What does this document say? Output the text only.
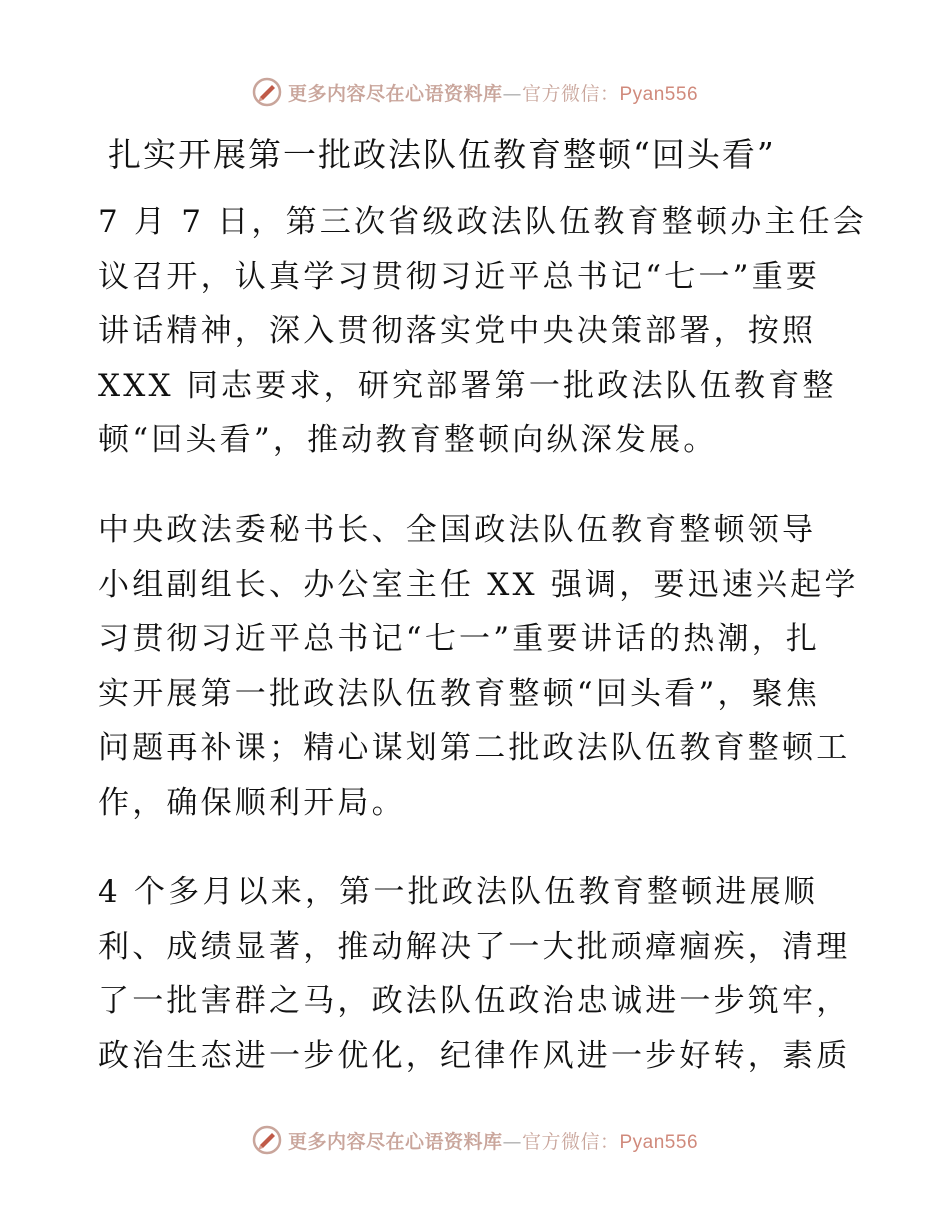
更多内容尽在心语资料库—官方微信：Pyan556
扎实开展第一批政法队伍教育整顿“回头看”

7 月 7 日，第三次省级政法队伍教育整顿办主任会
议召开，认真学习贯彻习近平总书记“七一”重要
讲话精神，深入贯彻落实党中央决策部署，按照
XXX 同志要求，研究部署第一批政法队伍教育整
顿“回头看”，推动教育整顿向纵深发展。

中央政法委秘书长、全国政法队伍教育整顿领导
小组副组长、办公室主任 XX 强调，要迅速兴起学
习贯彻习近平总书记“七一”重要讲话的热潮，扎
实开展第一批政法队伍教育整顿“回头看”，聚焦
问题再补课；精心谋划第二批政法队伍教育整顿工
作，确保顺利开局。

4 个多月以来，第一批政法队伍教育整顿进展顺
利、成绩显著，推动解决了一大批顽瘴痼疾，清理
了一批害群之马，政法队伍政治忠诚进一步筑牢，
政治生态进一步优化，纪律作风进一步好转，素质

更多内容尽在心语资料库—官方微信：Pyan556
